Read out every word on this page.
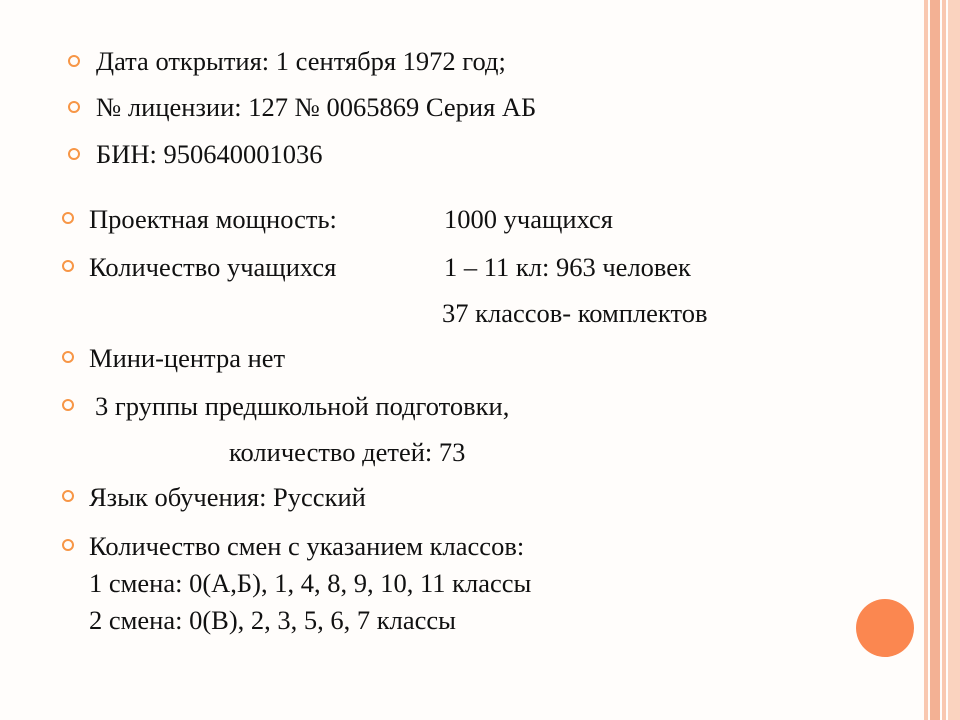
Дата открытия: 1 сентября 1972 год;
№ лицензии: 127 № 0065869 Серия АБ
БИН: 950640001036
Проектная мощность:	1000 учащихся
Количество учащихся	1 – 11 кл: 963 человек
37 классов- комплектов
Мини-центра нет
3 группы предшкольной подготовки,
количество детей: 73
Язык обучения: Русский
Количество смен с указанием классов:
1 смена: 0(А,Б), 1, 4, 8, 9, 10, 11 классы
2 смена: 0(В), 2, 3, 5, 6, 7 классы
